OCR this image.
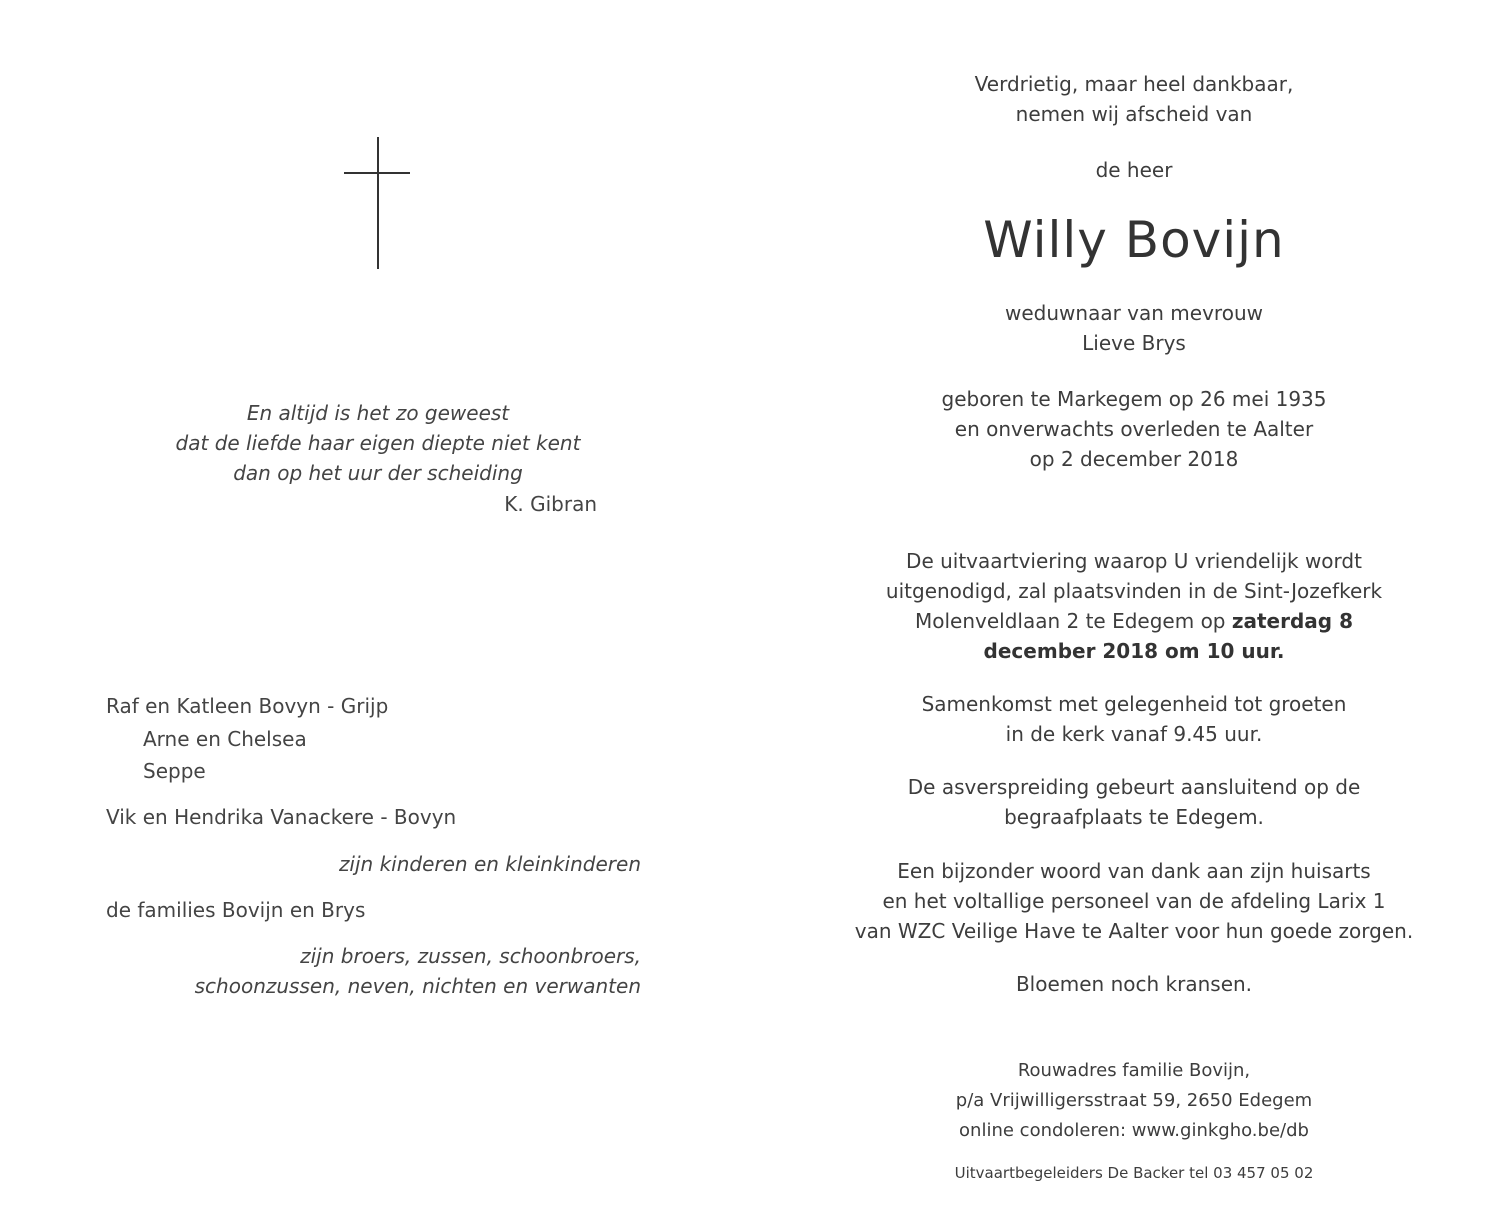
En altijd is het zo geweest
dat de liefde haar eigen diepte niet kent
dan op het uur der scheiding
K. Gibran
Raf en Katleen Bovyn - Grijp
Arne en Chelsea
Seppe
Vik en Hendrika Vanackere - Bovyn
zijn kinderen en kleinkinderen
de families Bovijn en Brys
zijn broers, zussen, schoonbroers,
schoonzussen, neven, nichten en verwanten
Verdrietig, maar heel dankbaar,
nemen wij afscheid van
de heer
Willy Bovijn
weduwnaar van mevrouw
Lieve Brys
geboren te Markegem op 26 mei 1935
en onverwachts overleden te Aalter
op 2 december 2018
De uitvaartviering waarop U vriendelijk wordt
uitgenodigd, zal plaatsvinden in de Sint-Jozefkerk
Molenveldlaan 2 te Edegem op zaterdag 8
december 2018 om 10 uur.
Samenkomst met gelegenheid tot groeten
in de kerk vanaf 9.45 uur.
De asverspreiding gebeurt aansluitend op de
begraafplaats te Edegem.
Een bijzonder woord van dank aan zijn huisarts
en het voltallige personeel van de afdeling Larix 1
van WZC Veilige Have te Aalter voor hun goede zorgen.
Bloemen noch kransen.
Rouwadres familie Bovijn,
p/a Vrijwilligersstraat 59, 2650 Edegem
online condoleren: www.ginkgho.be/db
Uitvaartbegeleiders De Backer tel 03 457 05 02
